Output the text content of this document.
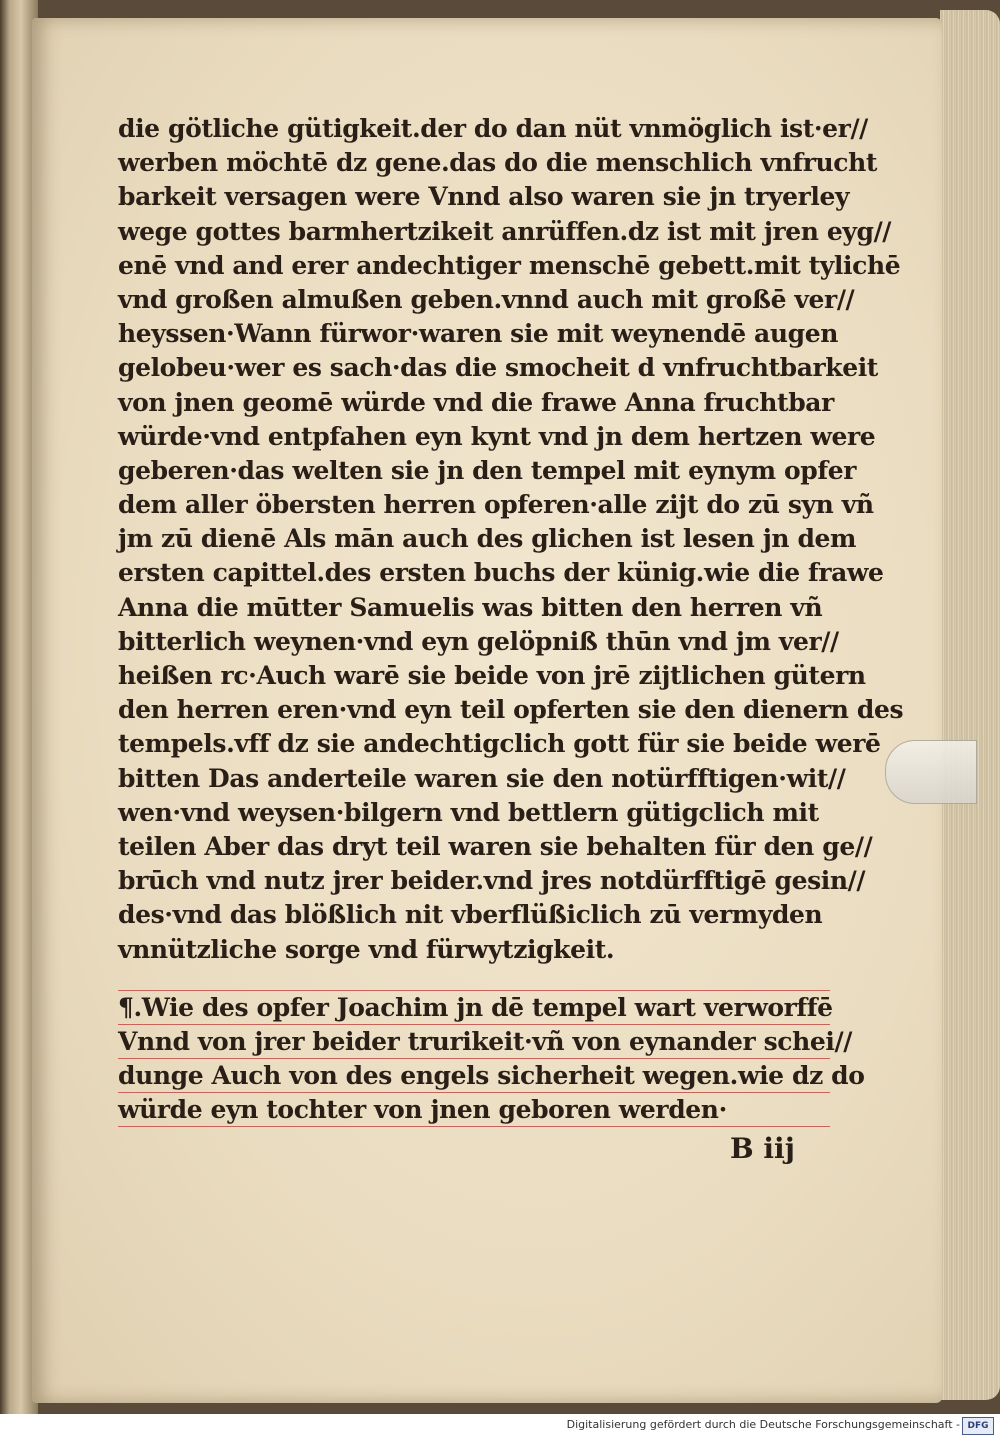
die götliche gütigkeit.der do dan nüt vnmöglich ist·er//
werben möchtē dz gene.das do die menschlich vnfrucht
barkeit versagen were Vnnd also waren sie jn tryerley
wege gottes barmhertzikeit anrüffen.dz ist mit jren eyg//
enē vnd and erer andechtiger menschē gebett.mit tylichē
vnd großen almußen geben.vnnd auch mit großē ver//
heyssen·Wann fürwor·waren sie mit weynendē augen
gelobeu·wer es sach·das die smocheit d vnfruchtbarkeit
von jnen geomē würde vnd die frawe Anna fruchtbar
würde·vnd entpfahen eyn kynt vnd jn dem hertzen were
geberen·das welten sie jn den tempel mit eynym opfer
dem aller öbersten herren opferen·alle zijt do zū syn vñ
jm zū dienē Als mān auch des glichen ist lesen jn dem
ersten capittel.des ersten buchs der künig.wie die frawe
Anna die mūtter Samuelis was bitten den herren vñ
bitterlich weynen·vnd eyn gelöpniß thūn vnd jm ver//
heißen rc·Auch warē sie beide von jrē zijtlichen gütern
den herren eren·vnd eyn teil opferten sie den dienern des
tempels.vff dz sie andechtigclich gott für sie beide werē
bitten Das anderteile waren sie den notürfftigen·wit//
wen·vnd weysen·bilgern vnd bettlern gütigclich mit
teilen Aber das dryt teil waren sie behalten für den ge//
brūch vnd nutz jrer beider.vnd jres notdürfftigē gesin//
des·vnd das blößlich nit vberflüßiclich zū vermyden
vnnützliche sorge vnd fürwytzigkeit.
¶.Wie des opfer Joachim jn dē tempel wart verworffē
Vnnd von jrer beider trurikeit·vñ von eynander schei//
dunge Auch von des engels sicherheit wegen.wie dz do
würde eyn tochter von jnen geboren werden·
B iij
Digitalisierung gefördert durch die Deutsche Forschungsgemeinschaft - DFG
